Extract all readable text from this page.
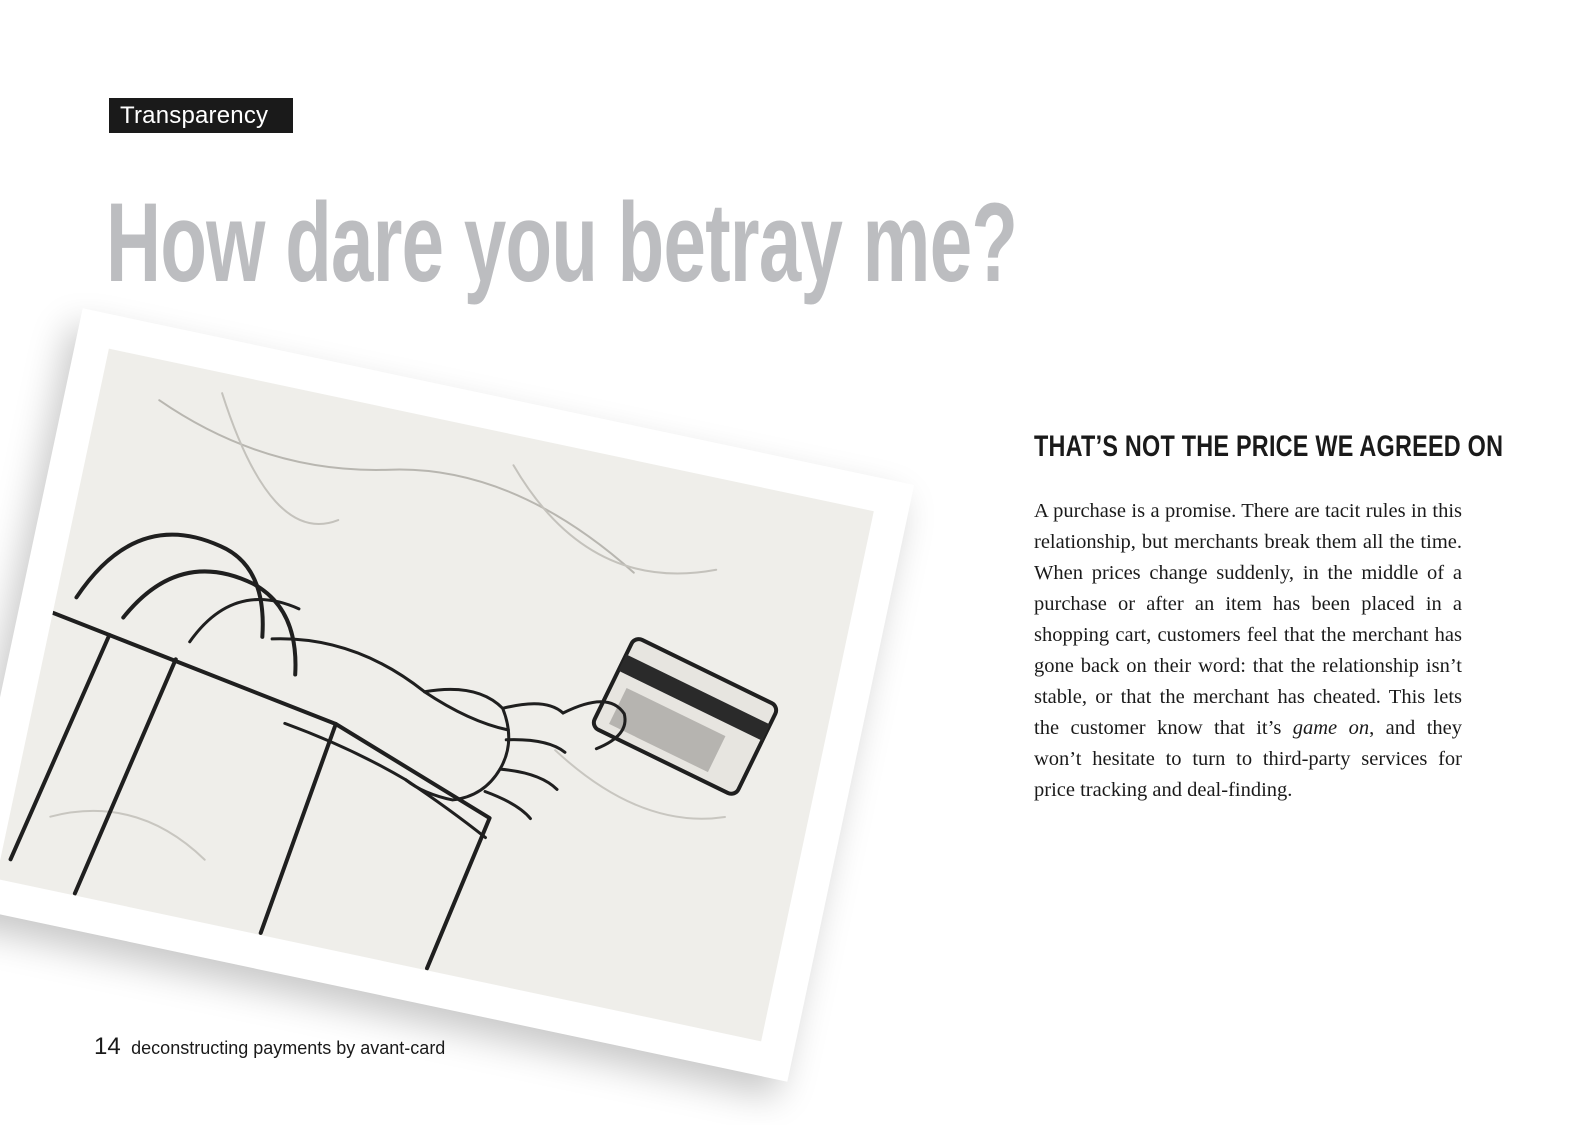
Transparency
How dare you betray me?
THAT’S NOT THE PRICE WE AGREED ON

A purchase is a promise. There are tacit rules in this relationship, but merchants break them all the time. When prices change suddenly, in the middle of a purchase or after an item has been placed in a shopping cart, customers feel that the merchant has gone back on their word: that the relationship isn’t stable, or that the merchant has cheated. This lets the customer know that it’s game on, and they won’t hesitate to turn to third-party services for price tracking and deal-finding.

14 deconstructing payments by avant-card
